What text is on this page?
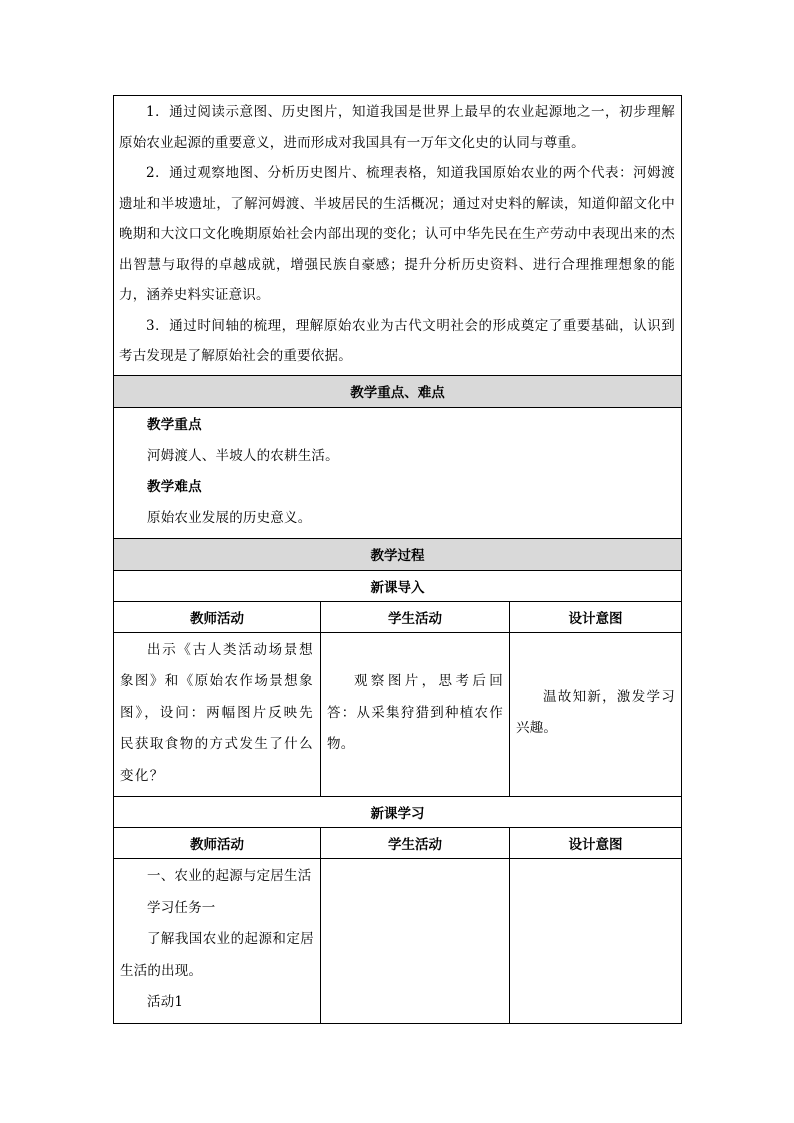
1．通过阅读示意图、历史图片，知道我国是世界上最早的农业起源地之一，初步理解原始农业起源的重要意义，进而形成对我国具有一万年文化史的认同与尊重。

2．通过观察地图、分析历史图片、梳理表格，知道我国原始农业的两个代表：河姆渡遗址和半坡遗址，了解河姆渡、半坡居民的生活概况；通过对史料的解读，知道仰韶文化中晚期和大汶口文化晚期原始社会内部出现的变化；认可中华先民在生产劳动中表现出来的杰出智慧与取得的卓越成就，增强民族自豪感；提升分析历史资料、进行合理推理想象的能力，涵养史料实证意识。

3．通过时间轴的梳理，理解原始农业为古代文明社会的形成奠定了重要基础，认识到考古发现是了解原始社会的重要依据。		

教学重点、难点		

教学重点

河姆渡人、半坡人的农耕生活。

教学难点

原始农业发展的历史意义。		

教学过程		
新课导入		
教师活动	学生活动	设计意图

出示《古人类活动场景想象图》和《原始农作场景想象图》，设问：两幅图片反映先民获取食物的方式发生了什么变化？	观察图片，思考后回答：从采集狩猎到种植农作物。	温故知新，激发学习兴趣。

新课学习		
教师活动	学生活动	设计意图

一、农业的起源与定居生活

学习任务一

了解我国农业的起源和定居生活的出现。

活动1		
